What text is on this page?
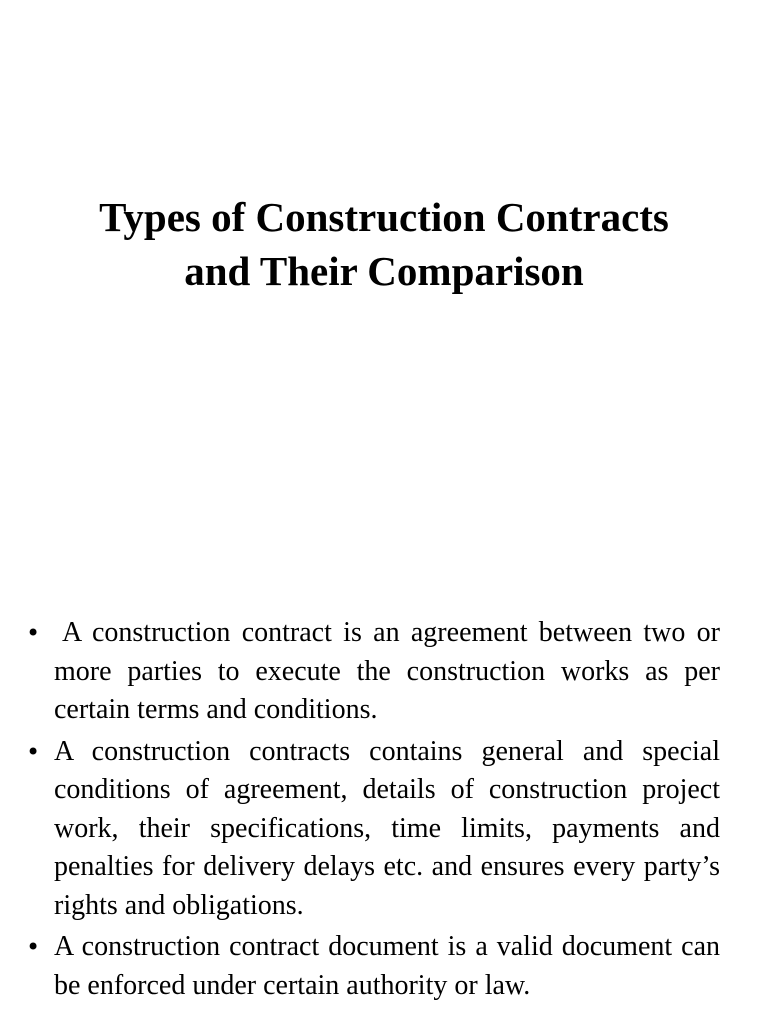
Types of Construction Contracts
and Their Comparison
• A construction contract is an agreement between two or more parties to execute the construction works as per certain terms and conditions.
• A construction contracts contains general and special conditions of agreement, details of construction project work, their specifications, time limits, payments and penalties for delivery delays etc. and ensures every party’s rights and obligations.
• A construction contract document is a valid document can be enforced under certain authority or law.
